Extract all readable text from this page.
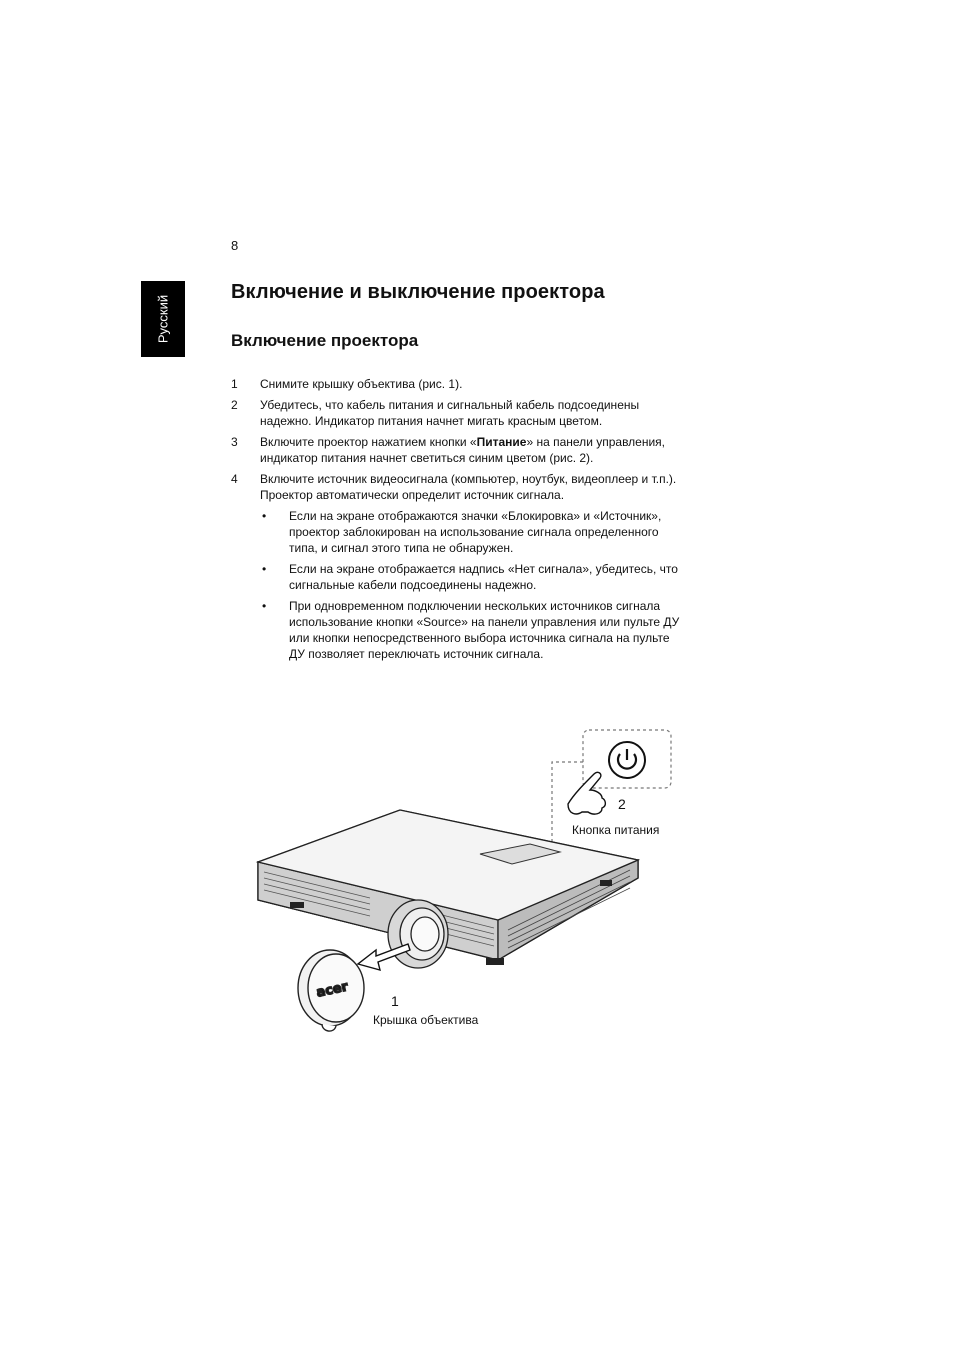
8
Русский
Включение и выключение проектора
Включение проектора
1 Снимите крышку объектива (рис. 1).

2 Убедитесь, что кабель питания и сигнальный кабель подсоединены

надежно. Индикатор питания начнет мигать красным цветом.

3 Включите проектор нажатием кнопки «Питание» на панели управления,

индикатор питания начнет светиться синим цветом (рис. 2).

4 Включите источник видеосигнала (компьютер, ноутбук, видеоплеер и т.п.).

Проектор автоматически определит источник сигнала.

• Если на экране отображаются значки «Блокировка» и «Источник»,

проектор заблокирован на использование сигнала определенного

типа, и сигнал этого типа не обнаружен.

• Если на экране отображается надпись «Нет сигнала», убедитесь, что

сигнальные кабели подсоединены надежно.

• При одновременном подключении нескольких источников сигнала

использование кнопки «Source» на панели управления или пульте ДУ

или кнопки непосредственного выбора источника сигнала на пульте

ДУ позволяет переключать источник сигнала.

acer
2
Кнопка питания
1
Крышка объектива
